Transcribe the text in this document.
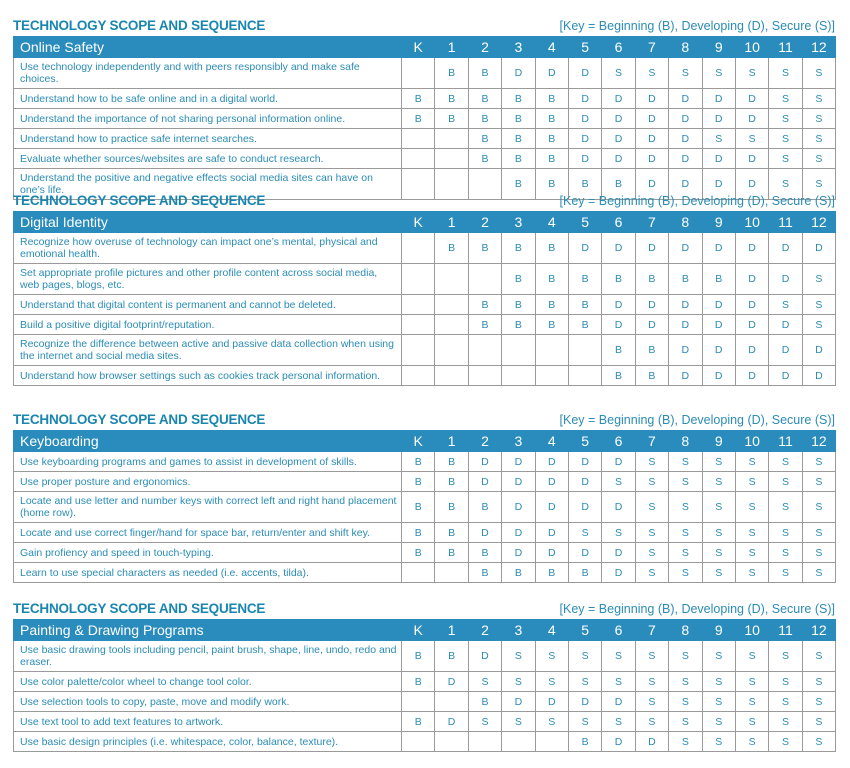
TECHNOLOGY SCOPE AND SEQUENCE	[Key = Beginning (B), Developing (D), Secure (S)]
Online Safety	K	1	2	3	4	5	6	7	8	9	10	11	12
Use technology independently and with peers responsibly and make safe choices.		B	B	D	D	D	S	S	S	S	S	S	S
Understand how to be safe online and in a digital world.	B	B	B	B	B	D	D	D	D	D	D	S	S
Understand the importance of not sharing personal information online.	B	B	B	B	B	D	D	D	D	D	D	S	S
Understand how to practice safe internet searches.			B	B	B	D	D	D	D	S	S	S	S
Evaluate whether sources/websites are safe to conduct research.			B	B	B	D	D	D	D	D	D	S	S
Understand the positive and negative effects social media sites can have on one’s life.				B	B	B	B	D	D	D	D	S	S
TECHNOLOGY SCOPE AND SEQUENCE	[Key = Beginning (B), Developing (D), Secure (S)]
Digital Identity	K	1	2	3	4	5	6	7	8	9	10	11	12
Recognize how overuse of technology can impact one’s mental, physical and emotional health.		B	B	B	B	D	D	D	D	D	D	D	D
Set appropriate profile pictures and other profile content across social media, web pages, blogs, etc.				B	B	B	B	B	B	B	D	D	S
Understand that digital content is permanent and cannot be deleted.			B	B	B	B	D	D	D	D	D	S	S
Build a positive digital footprint/reputation.			B	B	B	B	D	D	D	D	D	D	S
Recognize the difference between active and passive data collection when using the internet and social media sites.							B	B	D	D	D	D	D
Understand how browser settings such as cookies track personal information.							B	B	D	D	D	D	D
TECHNOLOGY SCOPE AND SEQUENCE	[Key = Beginning (B), Developing (D), Secure (S)]
Keyboarding	K	1	2	3	4	5	6	7	8	9	10	11	12
Use keyboarding programs and games to assist in development of skills.	B	B	D	D	D	D	D	S	S	S	S	S	S
Use proper posture and ergonomics.	B	B	D	D	D	D	S	S	S	S	S	S	S
Locate and use letter and number keys with correct left and right hand placement (home row).	B	B	B	D	D	D	D	S	S	S	S	S	S
Locate and use correct finger/hand for space bar, return/enter and shift key.	B	B	D	D	D	S	S	S	S	S	S	S	S
Gain profiency and speed in touch-typing.	B	B	B	D	D	D	D	S	S	S	S	S	S
Learn to use special characters as needed (i.e. accents, tilda).			B	B	B	B	D	S	S	S	S	S	S
TECHNOLOGY SCOPE AND SEQUENCE	[Key = Beginning (B), Developing (D), Secure (S)]
Painting & Drawing Programs	K	1	2	3	4	5	6	7	8	9	10	11	12
Use basic drawing tools including pencil, paint brush, shape, line, undo, redo and eraser.	B	B	D	S	S	S	S	S	S	S	S	S	S
Use color palette/color wheel to change tool color.	B	D	S	S	S	S	S	S	S	S	S	S	S
Use selection tools to copy, paste, move and modify work.			B	D	D	D	D	S	S	S	S	S	S
Use text tool to add text features to artwork.	B	D	S	S	S	S	S	S	S	S	S	S	S
Use basic design principles (i.e. whitespace, color, balance, texture).						B	D	D	S	S	S	S	S
